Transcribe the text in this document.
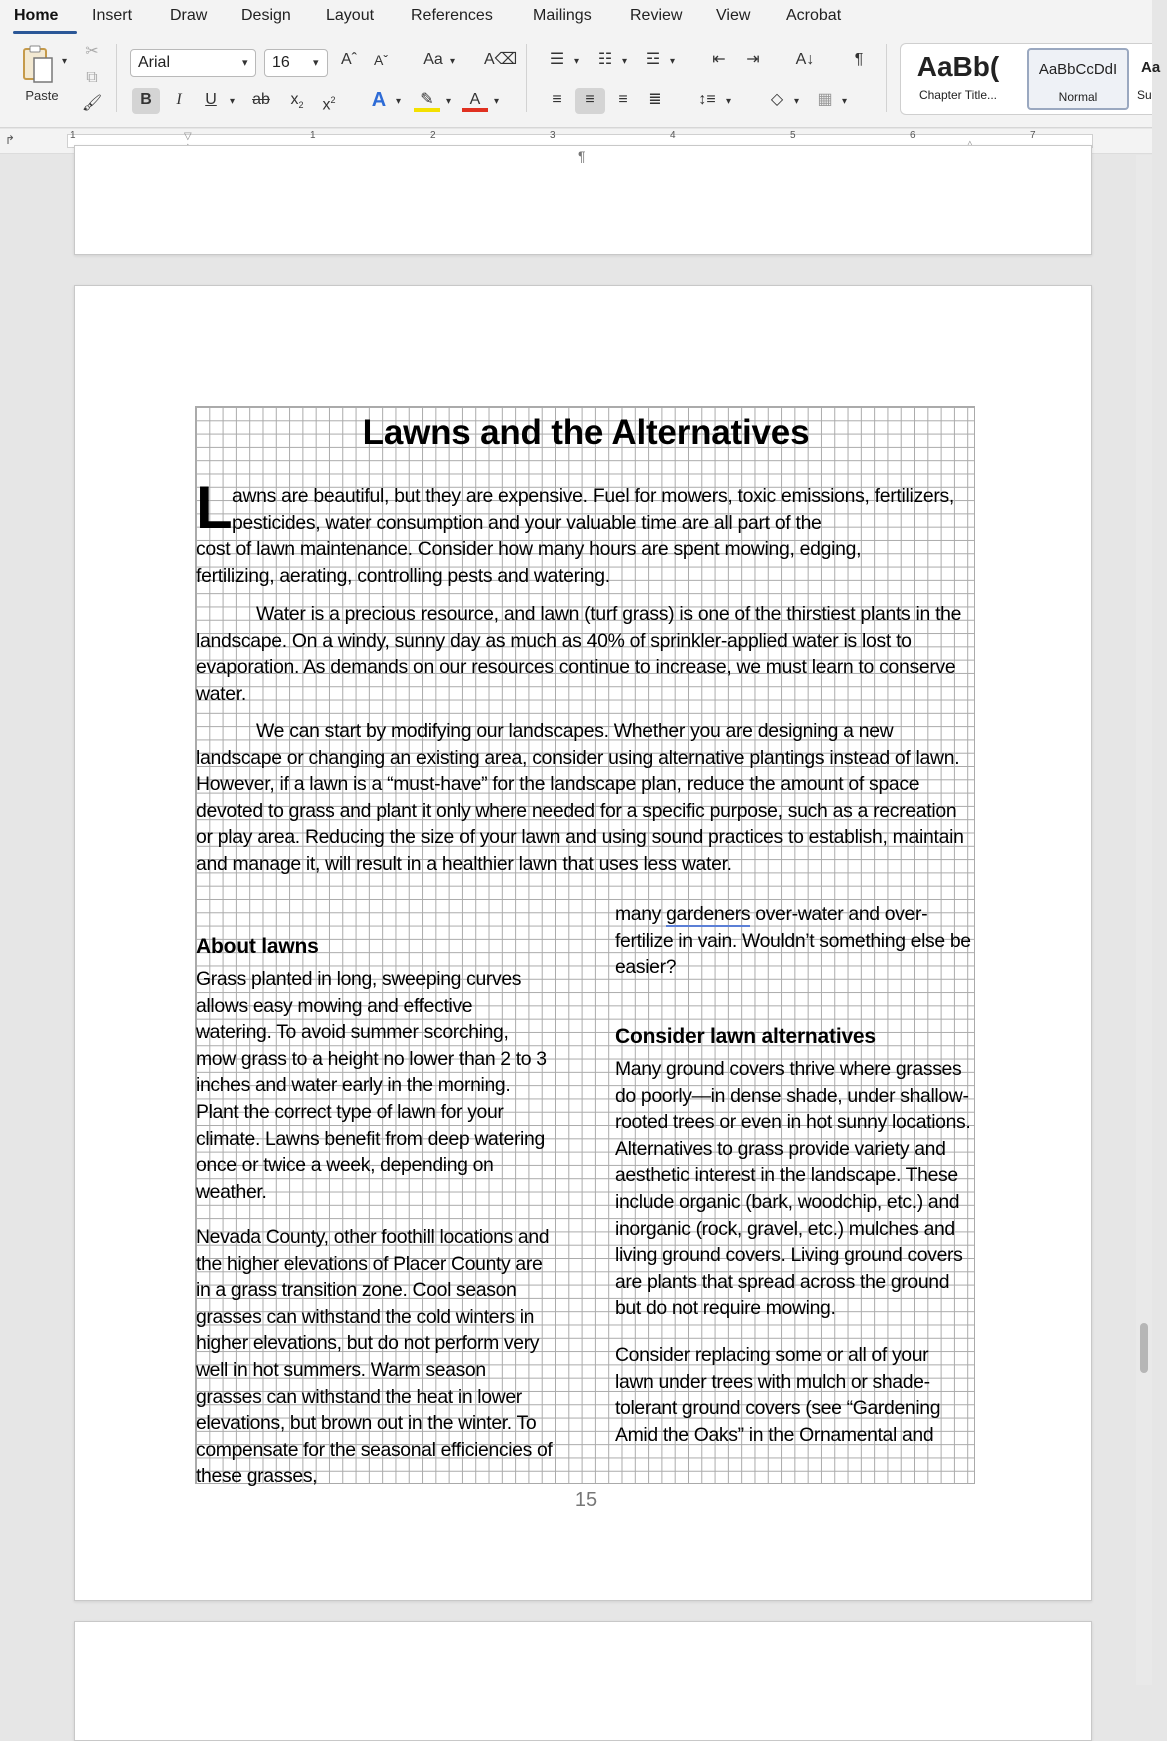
Home Insert Draw Design Layout References	Mailings Review View Acrobat
▾
Paste
✂
⧉
🖌
Arial	▾	16	▾	Aˆ	Aˇ	Aa ▾ A⌫
B	I	U	▾	ab	$x_2$	$x^2$	A ▾	✎	▾	A	▾
☰ ▾	☷ ▾	☲ ▾	⇤	⇥	A↓	¶
≡	≡	≡	≣	↕≡	▾	◇	▾	▦ ▾
AaBb(
Chapter Title...
AaBbCcDdI
Normal
Aa
Su
↱	1	1	2	3	4	5	6	7
▽
¶
Lawns and the Alternatives
L awns are beautiful, but they are expensive. Fuel for mowers, toxic emissions, fertilizers, pesticides, water consumption and your valuable time are all part of the
cost of lawn maintenance. Consider how many hours are spent mowing, edging, fertilizing, aerating, controlling pests and watering.
Water is a precious resource, and lawn (turf grass) is one of the thirstiest plants in the landscape. On a windy, sunny day as much as 40% of sprinkler-applied water is lost to evaporation. As demands on our resources continue to increase, we must learn to conserve water.
We can start by modifying our landscapes. Whether you are designing a new landscape or changing an existing area, consider using alternative plantings instead of lawn. However, if a lawn is a “must-have” for the landscape plan, reduce the amount of space devoted to grass and plant it only where needed for a specific purpose, such as a recreation or play area. Reducing the size of your lawn and using sound practices to establish, maintain and manage it, will result in a healthier lawn that uses less water.
About lawns
Grass planted in long, sweeping curves allows easy mowing and effective watering. To avoid summer scorching, mow grass to a height no lower than 2 to 3 inches and water early in the morning. Plant the correct type of lawn for your climate. Lawns benefit from deep watering once or twice a week, depending on weather.
Nevada County, other foothill locations and the higher elevations of Placer County are in a grass transition zone. Cool season grasses can withstand the cold winters in higher elevations, but do not perform very well in hot summers. Warm season grasses can withstand the heat in lower elevations, but brown out in the winter. To compensate for the seasonal efficiencies of these grasses,
many gardeners over-water and over-fertilize in vain. Wouldn’t something else be easier?
Consider lawn alternatives
Many ground covers thrive where grasses do poorly—in dense shade, under shallow-rooted trees or even in hot sunny locations. Alternatives to grass provide variety and aesthetic interest in the landscape. These include organic (bark, woodchip, etc.) and inorganic (rock, gravel, etc.) mulches and living ground covers. Living ground covers are plants that spread across the ground but do not require mowing.
Consider replacing some or all of your lawn under trees with mulch or shade-tolerant ground covers (see “Gardening Amid the Oaks” in the Ornamental and
15
